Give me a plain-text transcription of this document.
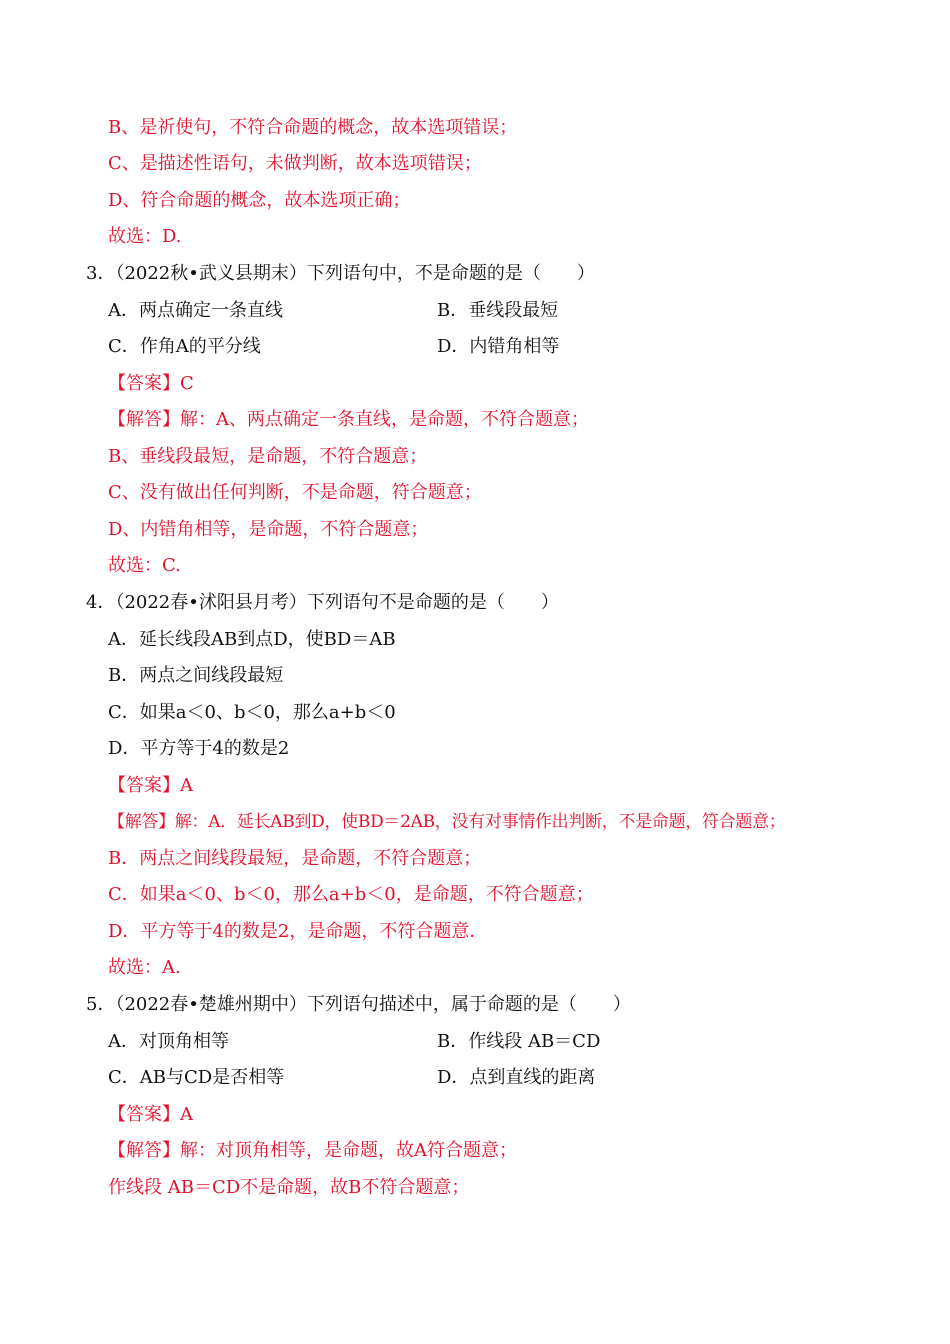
B、是祈使句，不符合命题的概念，故本选项错误；
C、是描述性语句，未做判断，故本选项错误；
D、符合命题的概念，故本选项正确；
故选：D.
3．（2022秋•武义县期末）下列语句中，不是命题的是（　　）
A．两点确定一条直线	B．垂线段最短
C．作角A的平分线	D．内错角相等
【答案】C
【解答】解：A、两点确定一条直线，是命题，不符合题意；
B、垂线段最短，是命题，不符合题意；
C、没有做出任何判断，不是命题，符合题意；
D、内错角相等，是命题，不符合题意；
故选：C.
4．（2022春•沭阳县月考）下列语句不是命题的是（　　）
A．延长线段AB到点D，使BD＝AB
B．两点之间线段最短
C．如果a＜0、b＜0，那么a+b＜0
D．平方等于4的数是2
【答案】A
【解答】解：A．延长AB到D，使BD＝2AB，没有对事情作出判断，不是命题，符合题意；
B．两点之间线段最短，是命题，不符合题意；
C．如果a＜0、b＜0，那么a+b＜0，是命题，不符合题意；
D．平方等于4的数是2，是命题，不符合题意．
故选：A.
5．（2022春•楚雄州期中）下列语句描述中，属于命题的是（　　）
A．对顶角相等	B．作线段 AB＝CD
C．AB与CD是否相等	D．点到直线的距离
【答案】A
【解答】解：对顶角相等，是命题，故A符合题意；
作线段 AB＝CD不是命题，故B不符合题意；
